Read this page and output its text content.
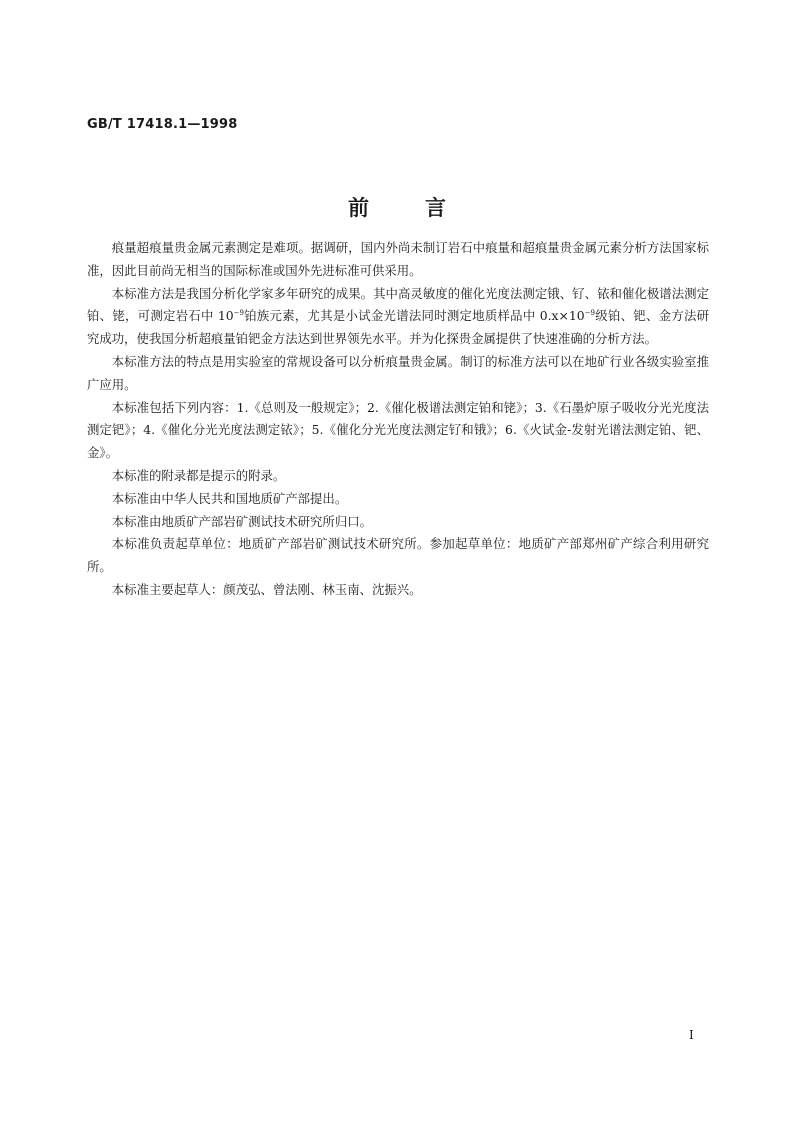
GB/T 17418.1—1998
前	言

痕量超痕量贵金属元素测定是难项。据调研，国内外尚未制订岩石中痕量和超痕量贵金属元素分析方法国家标准，因此目前尚无相当的国际标准或国外先进标准可供采用。

本标准方法是我国分析化学家多年研究的成果。其中高灵敏度的催化光度法测定锇、钌、铱和催化极谱法测定铂、铑，可测定岩石中 $10^{-9}$铂族元素，尤其是小试金光谱法同时测定地质样品中 $0.x\times 10^{-9}$级铂、钯、金方法研究成功，使我国分析超痕量铂钯金方法达到世界领先水平。并为化探贵金属提供了快速准确的分析方法。

本标准方法的特点是用实验室的常规设备可以分析痕量贵金属。制订的标准方法可以在地矿行业各级实验室推广应用。

本标准包括下列内容：1.《总则及一般规定》；2.《催化极谱法测定铂和铑》；3.《石墨炉原子吸收分光光度法测定钯》；4.《催化分光光度法测定铱》；5.《催化分光光度法测定钌和锇》；6.《火试金-发射光谱法测定铂、钯、金》。

本标准的附录都是提示的附录。

本标准由中华人民共和国地质矿产部提出。

本标准由地质矿产部岩矿测试技术研究所归口。

本标准负责起草单位：地质矿产部岩矿测试技术研究所。参加起草单位：地质矿产部郑州矿产综合利用研究所。

本标准主要起草人：颜茂弘、曾法刚、林玉南、沈振兴。

I
